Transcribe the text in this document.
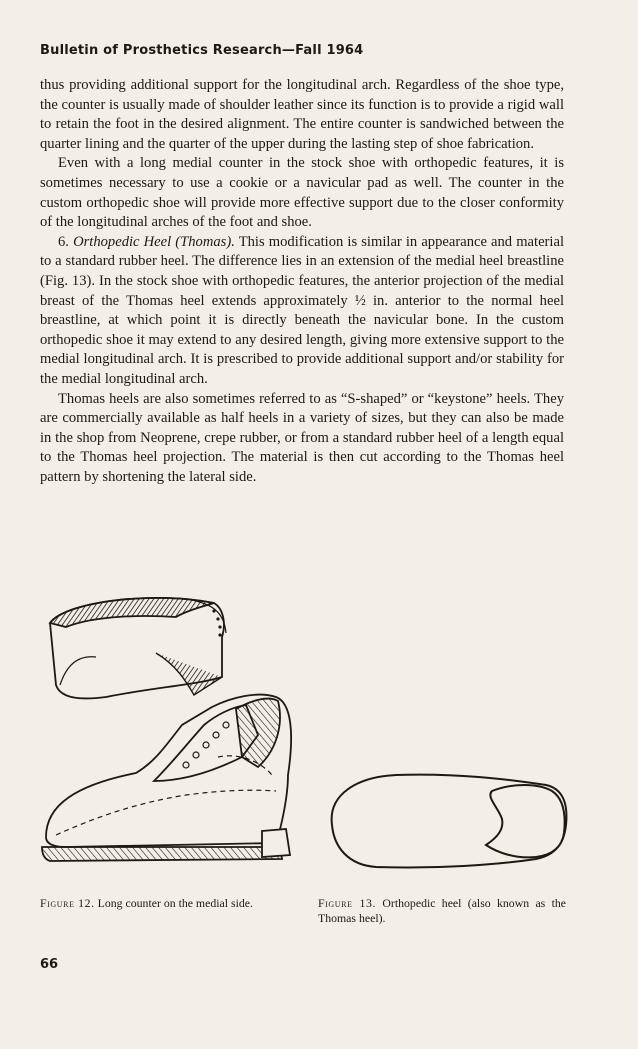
Bulletin of Prosthetics Research—Fall 1964

thus providing additional support for the longitudinal arch. Regardless of the shoe type, the counter is usually made of shoulder leather since its function is to provide a rigid wall to retain the foot in the desired alignment. The entire counter is sandwiched between the quarter lining and the quarter of the upper during the lasting step of shoe fabrication.

Even with a long medial counter in the stock shoe with orthopedic features, it is sometimes necessary to use a cookie or a navicular pad as well. The counter in the custom orthopedic shoe will provide more effective support due to the closer conformity of the longitudinal arches of the foot and shoe.

6. Orthopedic Heel (Thomas). This modification is similar in appearance and material to a standard rubber heel. The difference lies in an extension of the medial heel breastline (Fig. 13). In the stock shoe with orthopedic features, the anterior projection of the medial breast of the Thomas heel extends approximately ½ in. anterior to the normal heel breastline, at which point it is directly beneath the navicular bone. In the custom orthopedic shoe it may extend to any desired length, giving more extensive support to the medial longitudinal arch. It is prescribed to provide additional support and/or stability for the medial longitudinal arch.

Thomas heels are also sometimes referred to as “S-shaped” or “keystone” heels. They are commercially available as half heels in a variety of sizes, but they can also be made in the shop from Neoprene, crepe rubber, or from a standard rubber heel of a length equal to the Thomas heel projection. The material is then cut according to the Thomas heel pattern by shortening the lateral side.

Figure 12. Long counter on the medial side.	Figure 13. Orthopedic heel (also known as the Thomas heel).
66
